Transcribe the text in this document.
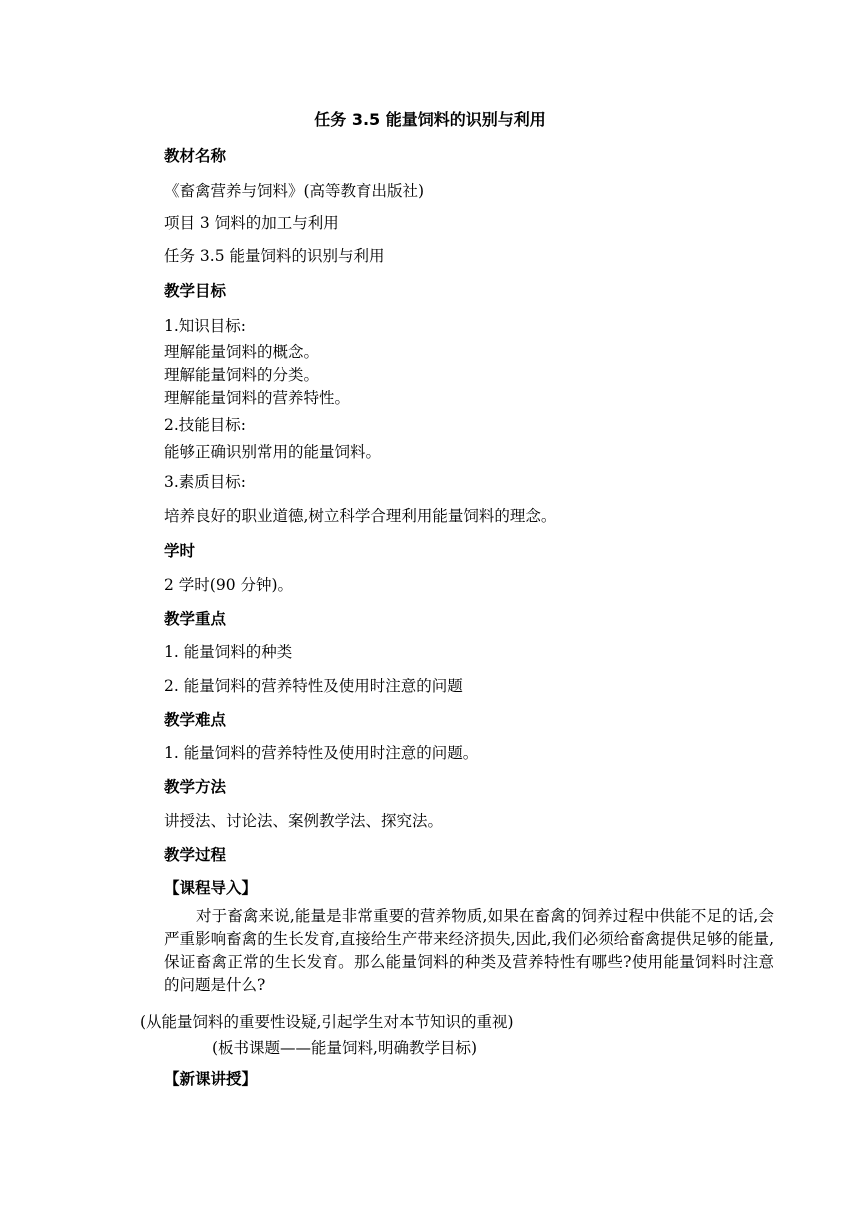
任务 3.5 能量饲料的识别与利用
教材名称
《畜禽营养与饲料》(高等教育出版社)
项目 3 饲料的加工与利用
任务 3.5 能量饲料的识别与利用
教学目标
1.知识目标:
理解能量饲料的概念。
理解能量饲料的分类。
理解能量饲料的营养特性。
2.技能目标:
能够正确识别常用的能量饲料。
3.素质目标:
培养良好的职业道德,树立科学合理利用能量饲料的理念。
学时
2 学时(90 分钟)。
教学重点
1. 能量饲料的种类
2. 能量饲料的营养特性及使用时注意的问题
教学难点
1. 能量饲料的营养特性及使用时注意的问题。
教学方法
讲授法、讨论法、案例教学法、探究法。
教学过程
【课程导入】
对于畜禽来说,能量是非常重要的营养物质,如果在畜禽的饲养过程中供能不足的话,会严重影响畜禽的生长发育,直接给生产带来经济损失,因此,我们必须给畜禽提供足够的能量,保证畜禽正常的生长发育。那么能量饲料的种类及营养特性有哪些?使用能量饲料时注意的问题是什么?
(从能量饲料的重要性设疑,引起学生对本节知识的重视)
(板书课题——能量饲料,明确教学目标)
【新课讲授】
